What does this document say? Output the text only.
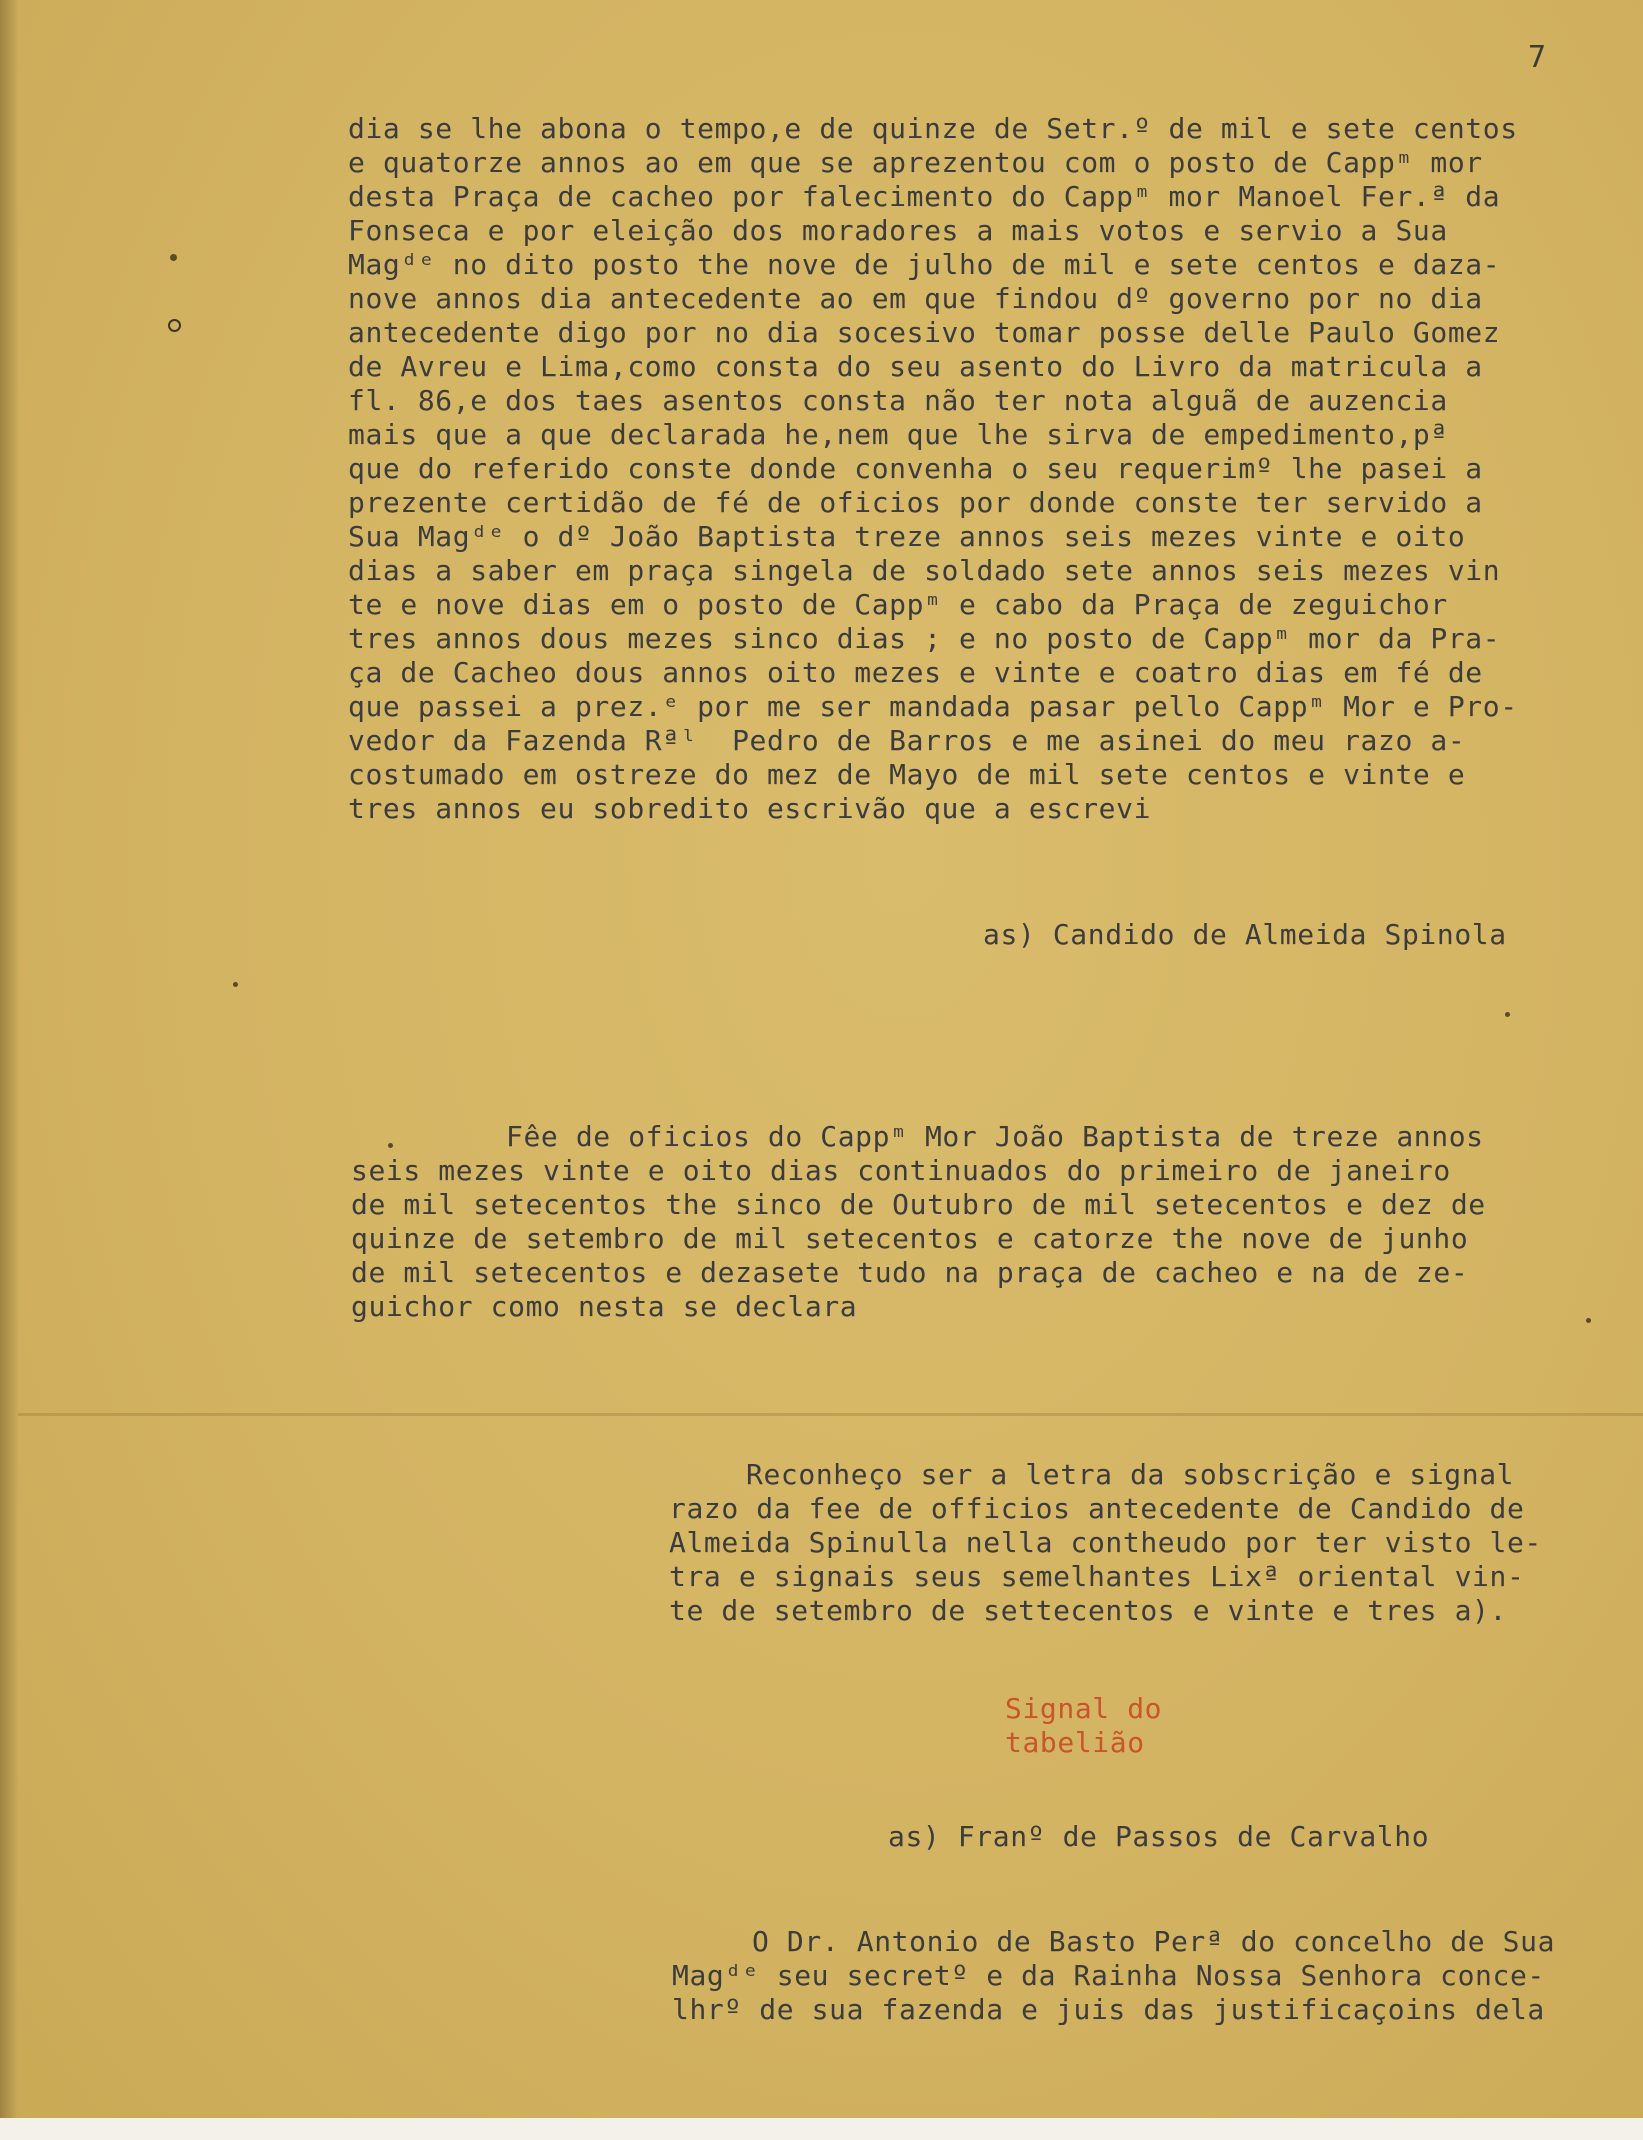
7
dia se lhe abona o tempo,e de quinze de Setr.º de mil e sete centos
e quatorze annos ao em que se aprezentou com o posto de Cappᵐ mor
desta Praça de cacheo por falecimento do Cappᵐ mor Manoel Fer.ª da
Fonseca e por eleição dos moradores a mais votos e servio a Sua
Magᵈᵉ no dito posto the nove de julho de mil e sete centos e daza-
nove annos dia antecedente ao em que findou dº governo por no dia
antecedente digo por no dia socesivo tomar posse delle Paulo Gomez
de Avreu e Lima,como consta do seu asento do Livro da matricula a
fl. 86,e dos taes asentos consta não ter nota alguã de auzencia
mais que a que declarada he,nem que lhe sirva de empedimento,pª
que do referido conste donde convenha o seu requerimº lhe pasei a
prezente certidão de fé de oficios por donde conste ter servido a
Sua Magᵈᵉ o dº João Baptista treze annos seis mezes vinte e oito
dias a saber em praça singela de soldado sete annos seis mezes vin
te e nove dias em o posto de Cappᵐ e cabo da Praça de zeguichor
tres annos dous mezes sinco dias ; e no posto de Cappᵐ mor da Pra-
ça de Cacheo dous annos oito mezes e vinte e coatro dias em fé de
que passei a prez.ᵉ por me ser mandada pasar pello Cappᵐ Mor e Pro-
vedor da Fazenda Rªˡ  Pedro de Barros e me asinei do meu razo a-
costumado em ostreze do mez de Mayo de mil sete centos e vinte e
tres annos eu sobredito escrivão que a escrevi
as) Candido de Almeida Spinola
Fêe de oficios do Cappᵐ Mor João Baptista de treze annos
seis mezes vinte e oito dias continuados do primeiro de janeiro
de mil setecentos the sinco de Outubro de mil setecentos e dez de
quinze de setembro de mil setecentos e catorze the nove de junho
de mil setecentos e dezasete tudo na praça de cacheo e na de ze-
guichor como nesta se declara
Reconheço ser a letra da sobscrição e signal
razo da fee de officios antecedente de Candido de
Almeida Spinulla nella contheudo por ter visto le-
tra e signais seus semelhantes Lixª oriental vin-
te de setembro de settecentos e vinte e tres a).
Signal do
tabelião
as) Franº de Passos de Carvalho
O Dr. Antonio de Basto Perª do concelho de Sua
Magᵈᵉ seu secretº e da Rainha Nossa Senhora conce-
lhrº de sua fazenda e juis das justificaçoins dela
